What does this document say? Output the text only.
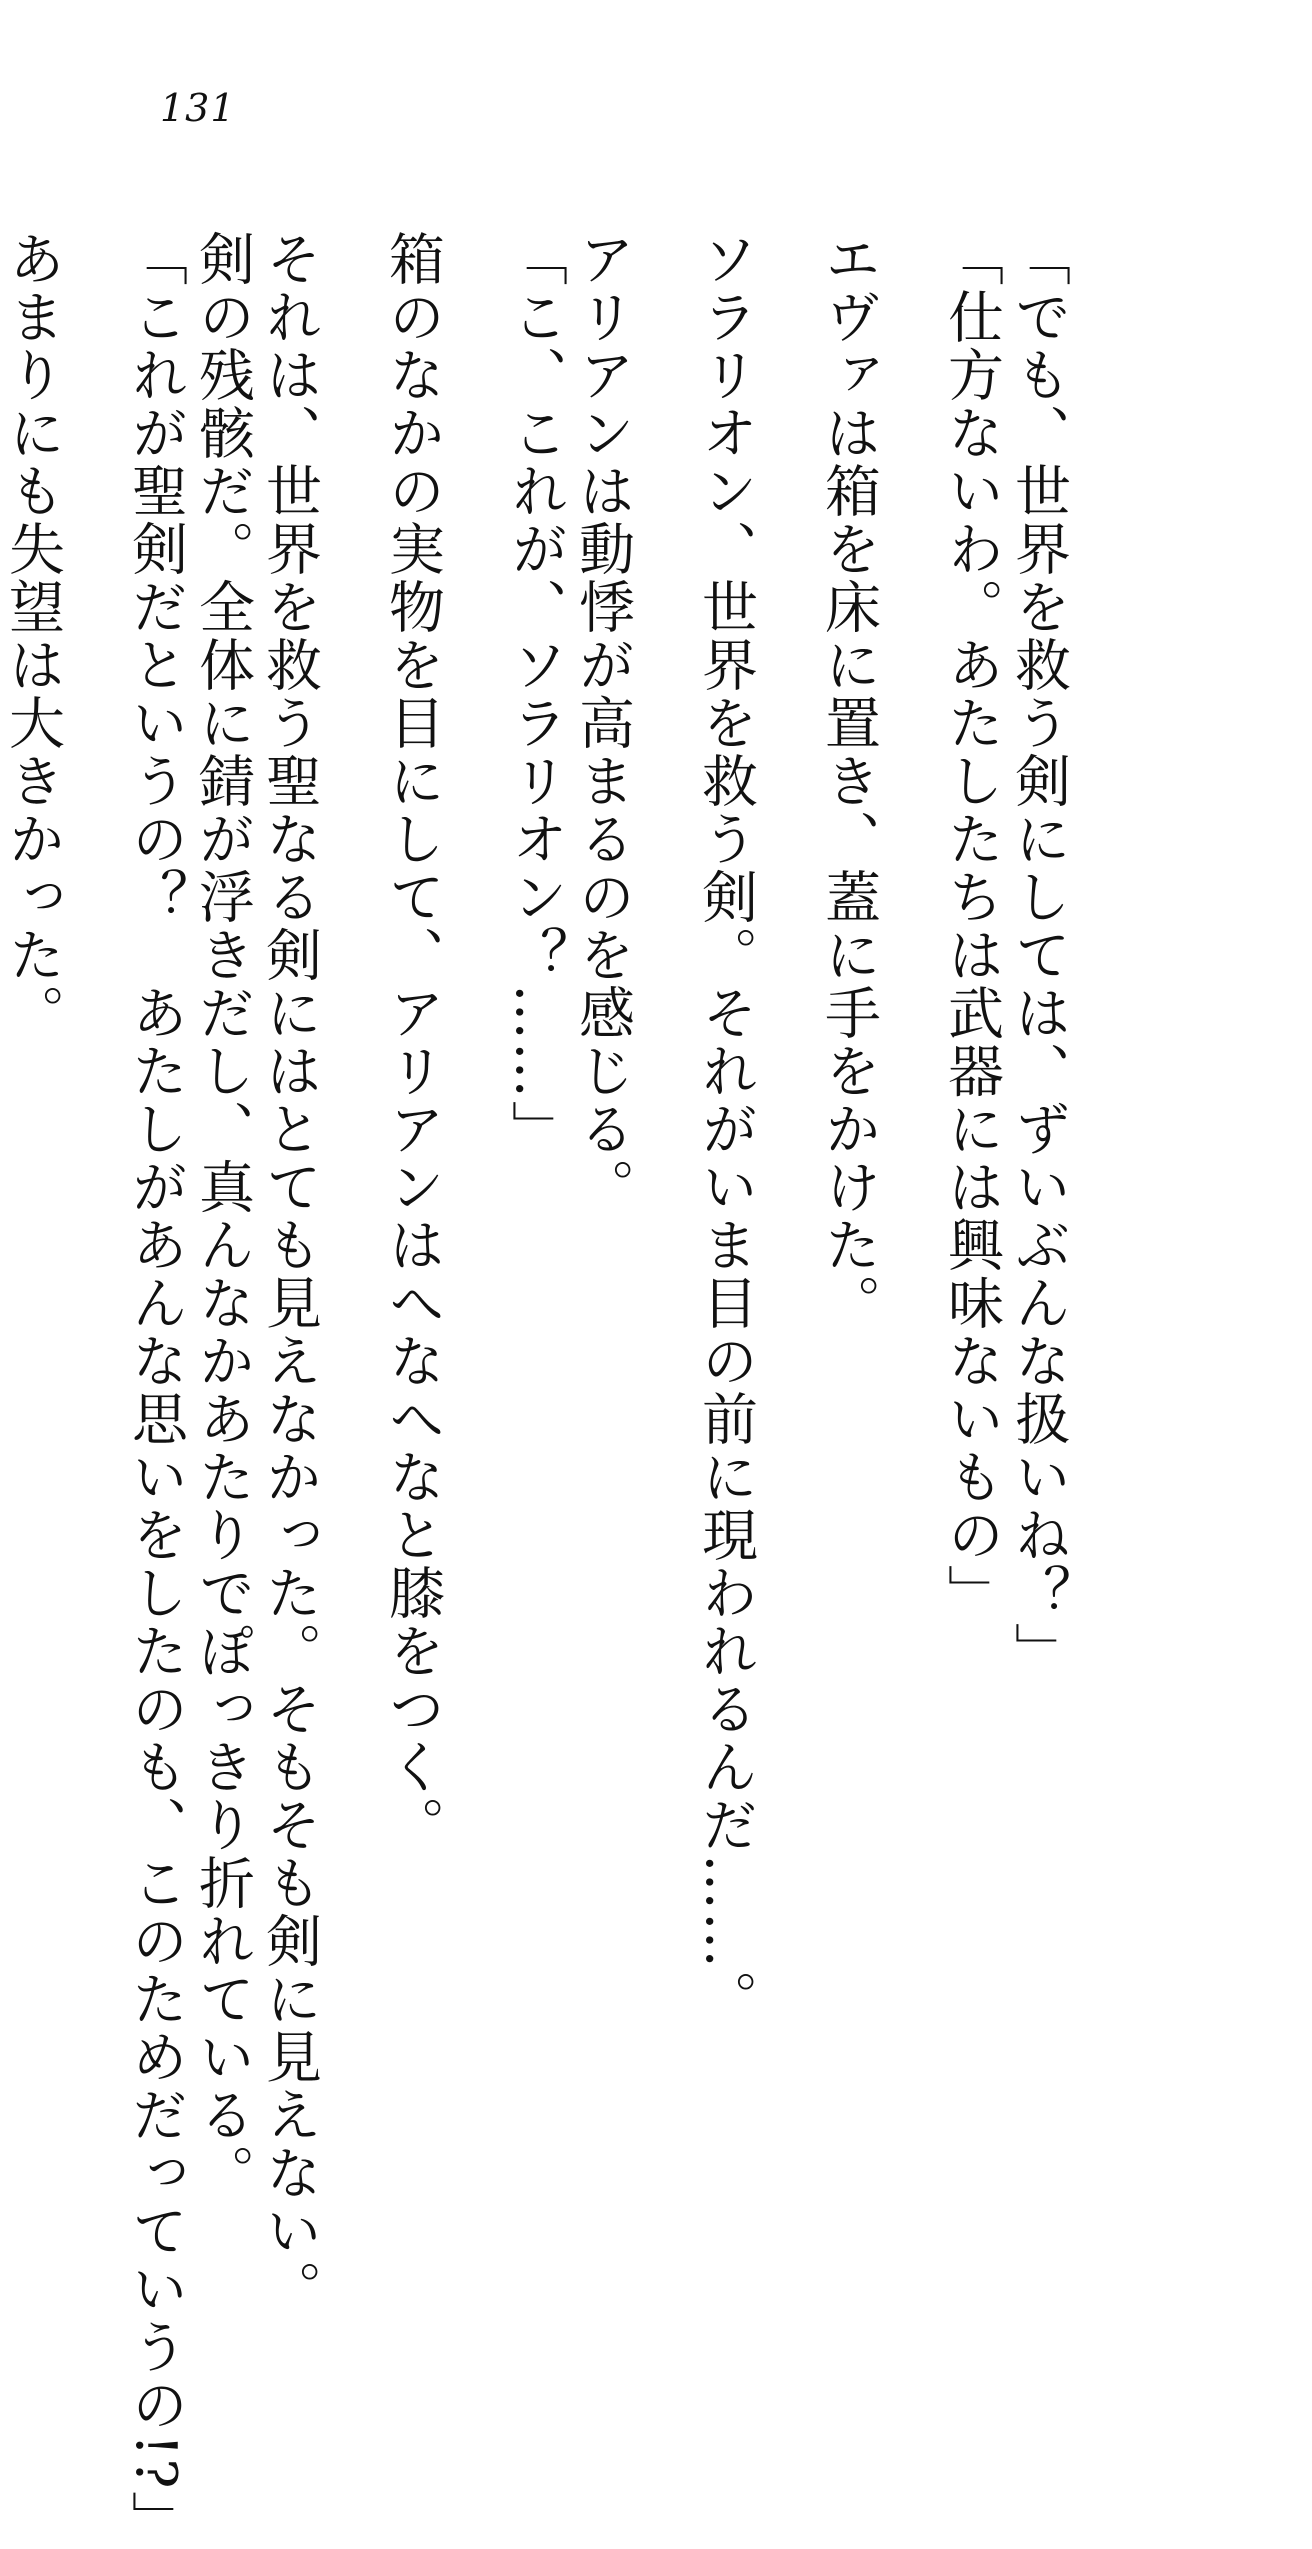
131
「でも、世界を救う剣にしては、ずいぶんな扱いね？」
「仕方ないわ。あたしたちは武器には興味ないもの」
エヴァは箱を床に置き、蓋に手をかけた。
ソラリオン、世界を救う剣。それがいま目の前に現われるんだ……。
アリアンは動悸が高まるのを感じる。
「こ、これが、ソラリオン？……」
箱のなかの実物を目にして、アリアンはへなへなと膝をつく。
それは、世界を救う聖なる剣にはとても見えなかった。そもそも剣に見えない。
剣の残骸だ。全体に錆が浮きだし、真んなかあたりでぽっきり折れている。
「これが聖剣だというの？　あたしがあんな思いをしたのも、このためだっていうの!?」
あまりにも失望は大きかった。
